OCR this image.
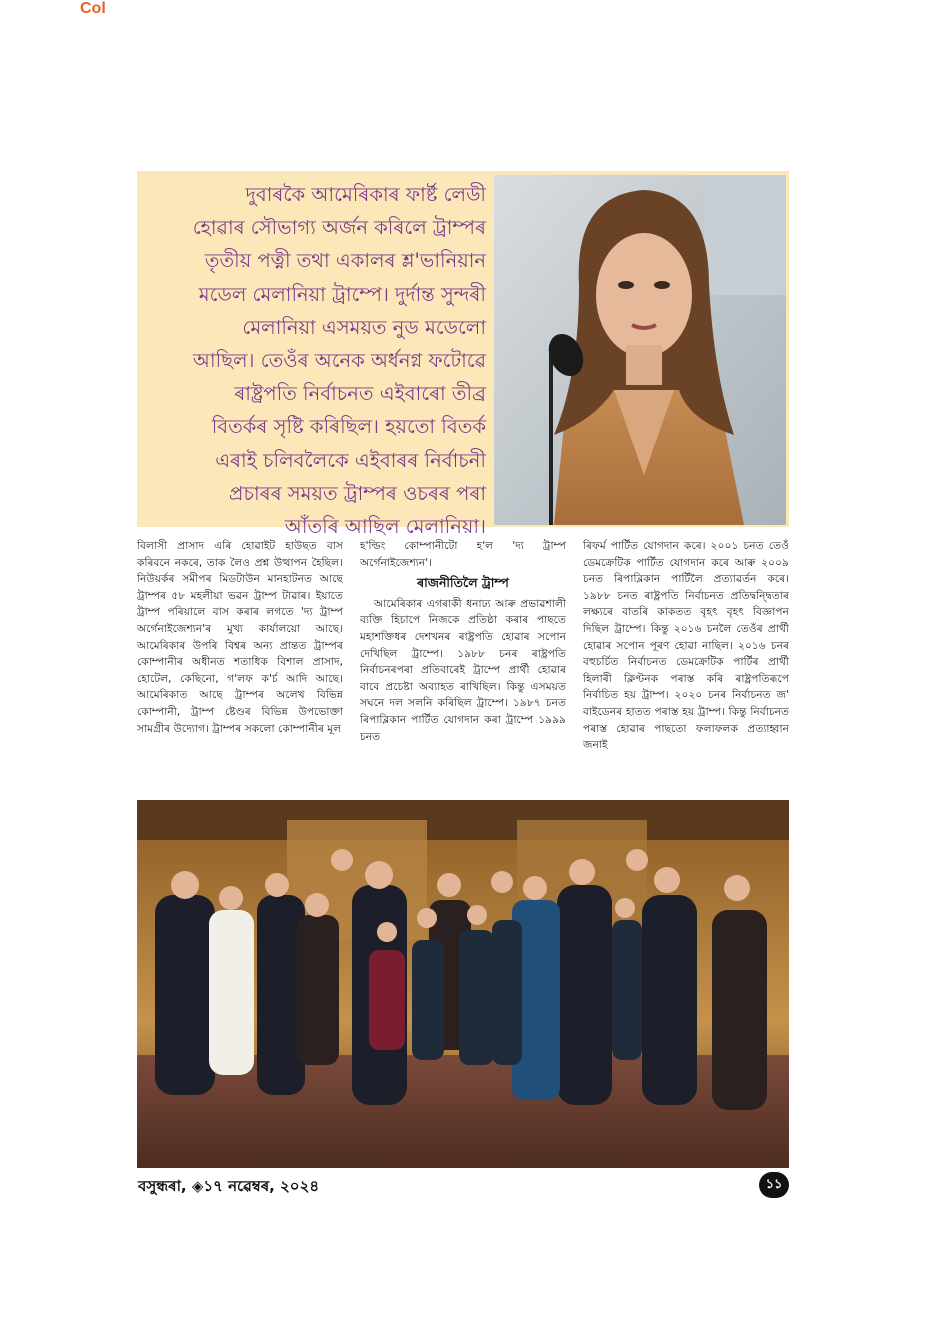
Col
দুবাৰকৈ আমেৰিকাৰ ফাৰ্ষ্ট লেডী
হোৱাৰ সৌভাগ্য অৰ্জন কৰিলে ট্ৰাম্পৰ
তৃতীয় পত্নী তথা একালৰ শ্ল'ভানিয়ান
মডেল মেলানিয়া ট্ৰাম্পে। দুৰ্দান্ত সুন্দৰী
মেলানিয়া এসময়ত নুড মডেলো
আছিল। তেওঁৰ অনেক অৰ্ধনগ্ন ফটোৱে
ৰাষ্ট্ৰপতি নিৰ্বাচনত এইবাৰো তীব্ৰ
বিতৰ্কৰ সৃষ্টি কৰিছিল। হয়তো বিতৰ্ক
এৰাই চলিবলৈকে এইবাৰৰ নিৰ্বাচনী
প্ৰচাৰৰ সময়ত ট্ৰাম্পৰ ওচৰৰ পৰা
আঁতৰি আছিল মেলানিয়া।

বিলাসী প্ৰাসাদ এৰি হোৱাইট হাউছত বাস কৰিবনে নকৰে, তাক লৈও প্ৰশ্ন উত্থাপন হৈছিল। নিউয়ৰ্কৰ সমীপৰ মিডটাউন মানহাটনত আছে ট্ৰাম্পৰ ৫৮ মহলীয়া ভৱন ট্ৰাম্প টাৱাৰ। ইয়াতে ট্ৰাম্প পৰিয়ালে বাস কৰাৰ লগতে 'দ্য ট্ৰাম্প অৰ্গেনাইজেশ্যন'ৰ মুখ্য কাৰ্যালয়ো আছে। আমেৰিকাৰ উপৰি বিশ্বৰ অন্য প্ৰান্তত ট্ৰাম্পৰ কোম্পানীৰ অধীনত শতাধিক বিশাল প্ৰাসাদ, হোটেল, কেছিনো, গ'লফ ক'ৰ্চ আদি আছে। আমেৰিকাত আছে ট্ৰাম্পৰ অলেখ বিভিন্ন কোম্পানী, ট্ৰাম্প ষ্টেণ্ডৰ বিভিন্ন উপভোক্তা সামগ্ৰীৰ উদ্যোগ। ট্ৰাম্পৰ সকলো কোম্পানীৰ মূল

হ'ল্ডিং কোম্পানীটো হ'ল 'দ্য ট্ৰাম্প অৰ্গেনাইজেশ্যন'।

ৰাজনীতিলৈ ট্ৰাম্প

আমেৰিকাৰ এগৰাকী ধনাঢ্য আৰু প্ৰভাৱশালী ব্যক্তি হিচাপে নিজকে প্ৰতিষ্ঠা কৰাৰ পাছতে মহাশক্তিধৰ দেশখনৰ ৰাষ্ট্ৰপতি হোৱাৰ সপোন দেখিছিল ট্ৰাম্পে। ১৯৮৮ চনৰ ৰাষ্ট্ৰপতি নিৰ্বাচনৰপৰা প্ৰতিবাৰেই ট্ৰাম্পে প্ৰাৰ্থী হোৱাৰ বাবে প্ৰচেষ্টা অব্যাহত ৰাখিছিল। কিন্তু এসময়ত সঘনে দল সলনি কৰিছিল ট্ৰাম্পে। ১৯৮৭ চনত ৰিপাব্লিকান পাৰ্টিত যোগদান কৰা ট্ৰাম্পে ১৯৯৯ চনত

ৰিফৰ্ম পাৰ্টিত যোগদান কৰে। ২০০১ চনত তেওঁ ডেমক্ৰেটিক পাৰ্টিত যোগদান কৰে আৰু ২০০৯ চনত ৰিপাব্লিকান পাৰ্টিলৈ প্ৰত্যাৱৰ্তন কৰে। ১৯৮৮ চনত ৰাষ্ট্ৰপতি নিৰ্বাচনত প্ৰতিদ্বন্দ্বিতাৰ লক্ষ্যৰে বাতৰি কাকতত বৃহৎ বৃহৎ বিজ্ঞাপন দিছিল ট্ৰাম্পে। কিন্তু ২০১৬ চনলৈ তেওঁৰ প্ৰাৰ্থী হোৱাৰ সপোন পূৰণ হোৱা নাছিল। ২০১৬ চনৰ বহুচৰ্চিত নিৰ্বাচনত ডেমক্ৰেটিক পাৰ্টিৰ প্ৰাৰ্থী হিলাৰী ক্লিণ্টনক পৰাস্ত কৰি ৰাষ্ট্ৰপতিৰূপে নিৰ্বাচিত হয় ট্ৰাম্প। ২০২০ চনৰ নিৰ্বাচনত জ' বাইডেনৰ হাতত পৰাস্ত হয় ট্ৰাম্প। কিন্তু নিৰ্বাচনত পৰাস্ত হোৱাৰ পাছতো ফলাফলক প্ৰত্যাহ্বান জনাই

বসুন্ধৰা, ◈১৭ নৱেম্বৰ, ২০২৪	১১
